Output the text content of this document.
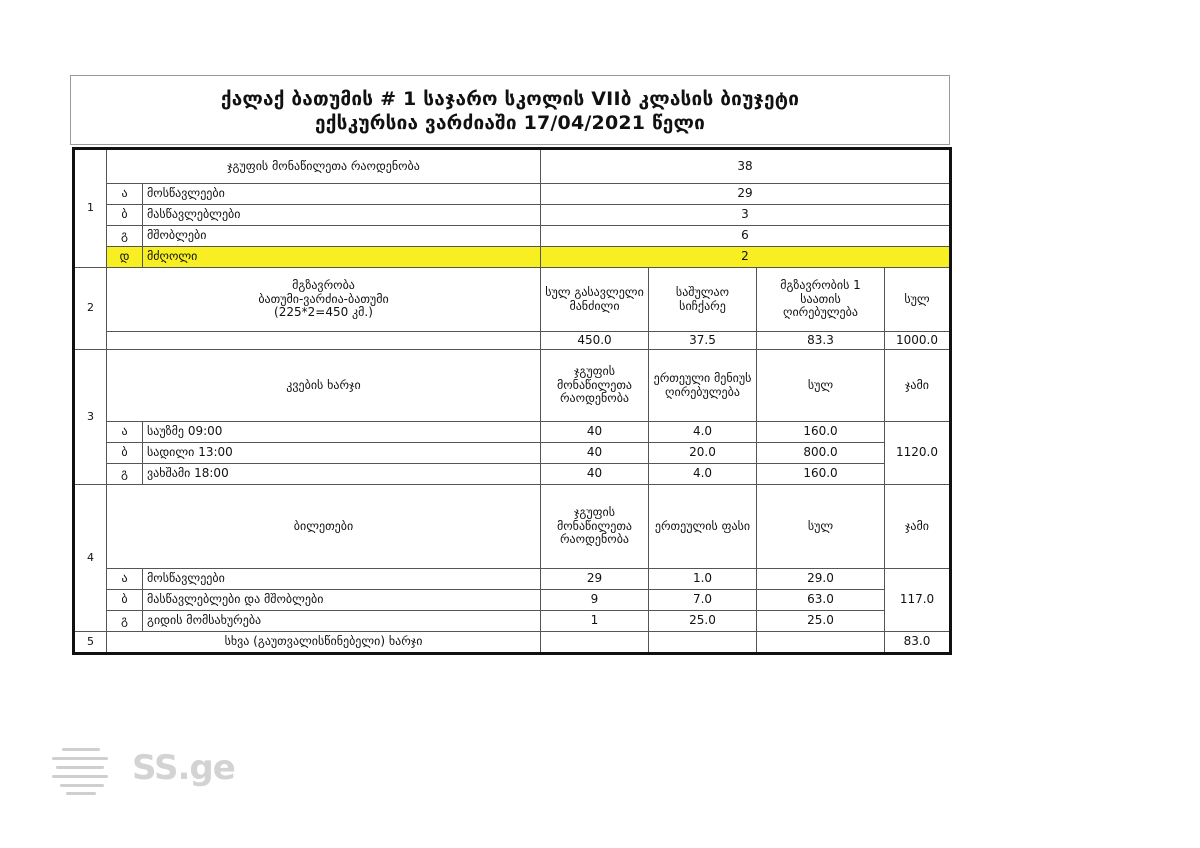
ქალაქ ბათუმის # 1 საჯარო სკოლის VIIბ კლასის ბიუჯეტი
ექსკურსია ვარძიაში 17/04/2021 წელი
1	ჯგუფის მონაწილეთა რაოდენობა		38			
	ა	მოსწავლეები	29			
	ბ	მასწავლებლები	3			
	გ	მშობლები	6			
	დ	მძღოლი	2			
2	მგზავრობა
ბათუმი-ვარძია-ბათუმი
(225*2=450 კმ.)		სულ გასავლელი მანძილი	საშულაო სიჩქარე	მგზავრობის 1 საათის ღირებულება	სულ
			450.0	37.5	83.3	1000.0
3	კვების ხარჯი		ჯგუფის მონაწილეთა რაოდენობა	ერთეული მენიუს ღირებულება	სულ	ჯამი
	ა	საუზმე 09:00	40	4.0	160.0	1120.0
	ბ	სადილი 13:00	40	20.0	800.0	
	გ	ვახშამი 18:00	40	4.0	160.0	
4	ბილეთები		ჯგუფის მონაწილეთა რაოდენობა	ერთეულის ფასი	სულ	ჯამი
	ა	მოსწავლეები	29	1.0	29.0	117.0
	ბ	მასწავლებლები და მშობლები	9	7.0	63.0	
	გ	გიდის მომსახურება	1	25.0	25.0	
5	სხვა (გაუთვალისწინებელი) ხარჯი					83.0
SS.ge
